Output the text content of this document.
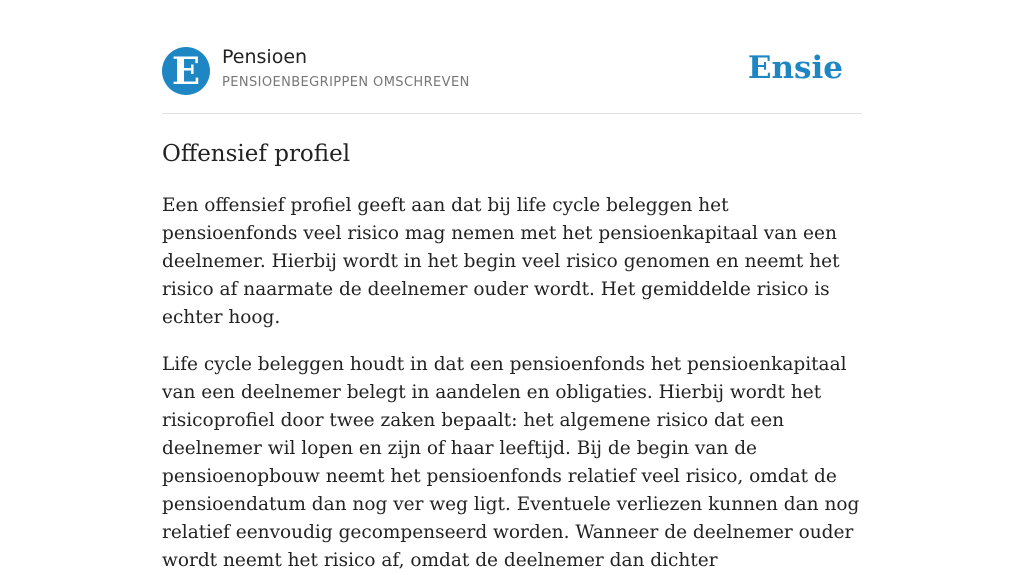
E	Pensioen
PENSIOENBEGRIPPEN OMSCHREVEN	Ensie
Offensief profiel

Een offensief profiel geeft aan dat bij life cycle beleggen het pensioenfonds veel risico mag nemen met het pensioenkapitaal van een deelnemer. Hierbij wordt in het begin veel risico genomen en neemt het risico af naarmate de deelnemer ouder wordt. Het gemiddelde risico is echter hoog.

Life cycle beleggen houdt in dat een pensioenfonds het pensioenkapitaal van een deelnemer belegt in aandelen en obligaties. Hierbij wordt het risicoprofiel door twee zaken bepaalt: het algemene risico dat een deelnemer wil lopen en zijn of haar leeftijd. Bij de begin van de pensioenopbouw neemt het pensioenfonds relatief veel risico, omdat de pensioendatum dan nog ver weg ligt. Eventuele verliezen kunnen dan nog relatief eenvoudig gecompenseerd worden. Wanneer de deelnemer ouder wordt neemt het risico af, omdat de deelnemer dan dichter
